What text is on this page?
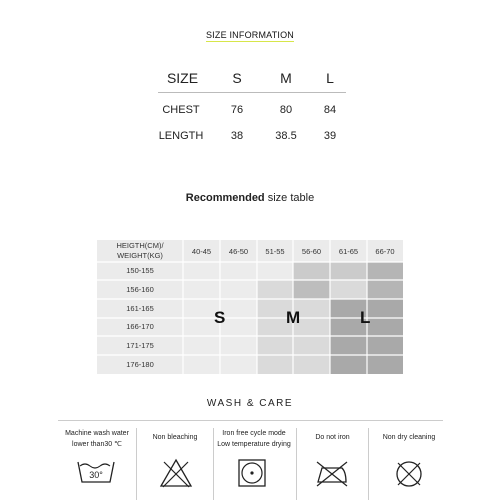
SIZE INFORMATION
SIZE	S	M	L
CHEST	76	80	84
LENGTH	38	38.5	39
Recommended size table
HEIGTH(CM)/
WEIGHT(KG)	40-45	46-50	51-55	56-60	61-65	66-70
150-155
156-160
161-165
166-170
171-175
176-180
S	M	L
WASH & CARE
Machine wash water
lower than30 ℃
Non bleaching
Iron free cycle mode
Low temperature drying
Do not iron	Non dry cleaning
30°
